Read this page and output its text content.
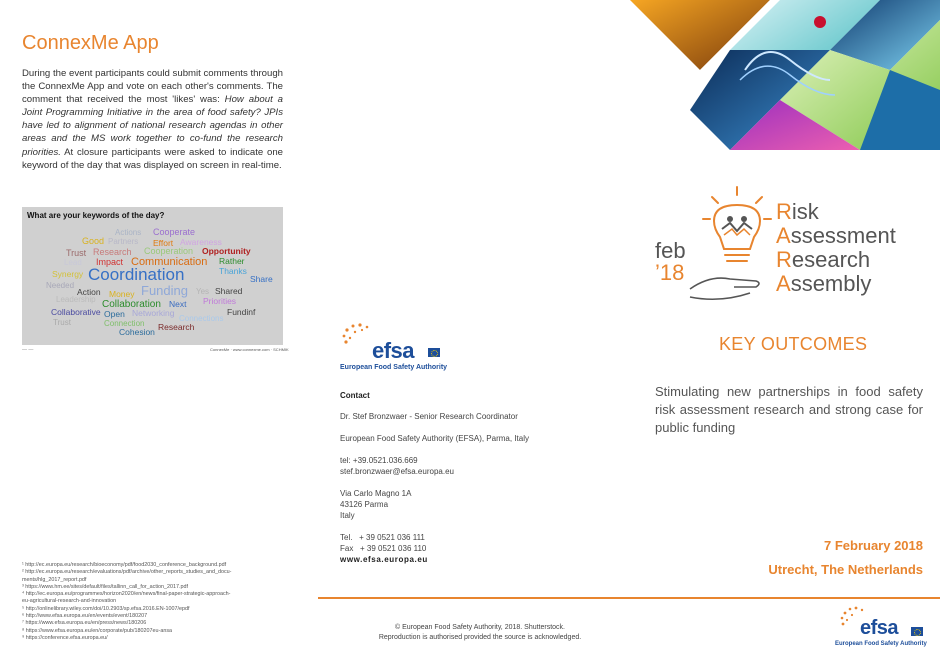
ConnexMe App

During the event participants could submit comments through the ConnexMe App and vote on each other's comments. The comment that received the most 'likes' was: How about a Joint Programming Initiative in the area of food safety? JPIs have led to alignment of national research agendas in other areas and the MS work together to co-fund the research priorities. At closure participants were asked to indicate one keyword of the day that was displayed on screen in real-time.

What are your keywords of the day?
Actions Cooperate
Good Partners Effort Awareness
Trust Research Cooperation Opportunity
Lead Impact Communication Rather
Thanks
Synergy Coordination	Share
Needed
Action Money Funding Yes Shared
Leadership Collaboration Next Priorities
Collaborative Open Networking	Fundinf
Connections
Trust	Connection Research
Cohesion
— —	ConnexMe · www.connexme.com · SCHMIK
¹ http://ec.europa.eu/research/bioeconomy/pdf/food2030_conference_background.pdf
² http://ec.europa.eu/research/evaluations/pdf/archive/other_reports_studies_and_docu-
ments/hlg_2017_report.pdf
³ https://www.hm.ee/sites/default/files/tallinn_call_for_action_2017.pdf
⁴ http://ec.europa.eu/programmes/horizon2020/en/news/final-paper-strategic-approach-
eu-agricultural-research-and-innovation
⁵ http://onlinelibrary.wiley.com/doi/10.2903/sp.efsa.2016.EN-1007/epdf
⁶ http://www.efsa.europa.eu/en/events/event/180207
⁷ https://www.efsa.europa.eu/en/press/news/180206
⁸ https://www.efsa.europa.eu/en/corporate/pub/180207eu-ansa
⁹ https://conference.efsa.europa.eu/
efsa
European Food Safety Authority
Contact
Dr. Stef Bronzwaer - Senior Research Coordinator
European Food Safety Authority (EFSA), Parma, Italy
tel: +39.0521.036.669
stef.bronzwaer@efsa.europa.eu
Via Carlo Magno 1A
43126 Parma
Italy
Tel.   + 39 0521 036 111
Fax   + 39 0521 036 110
www.efsa.europa.eu
© European Food Safety Authority, 2018. Shutterstock.
Reproduction is authorised provided the source is acknowledged.
feb
’18
Risk
Assessment
Research
Assembly
KEY OUTCOMES

Stimulating new partnerships in food safety risk assessment research and strong case for public funding

7 February 2018
Utrecht, The Netherlands
efsa
European Food Safety Authority
